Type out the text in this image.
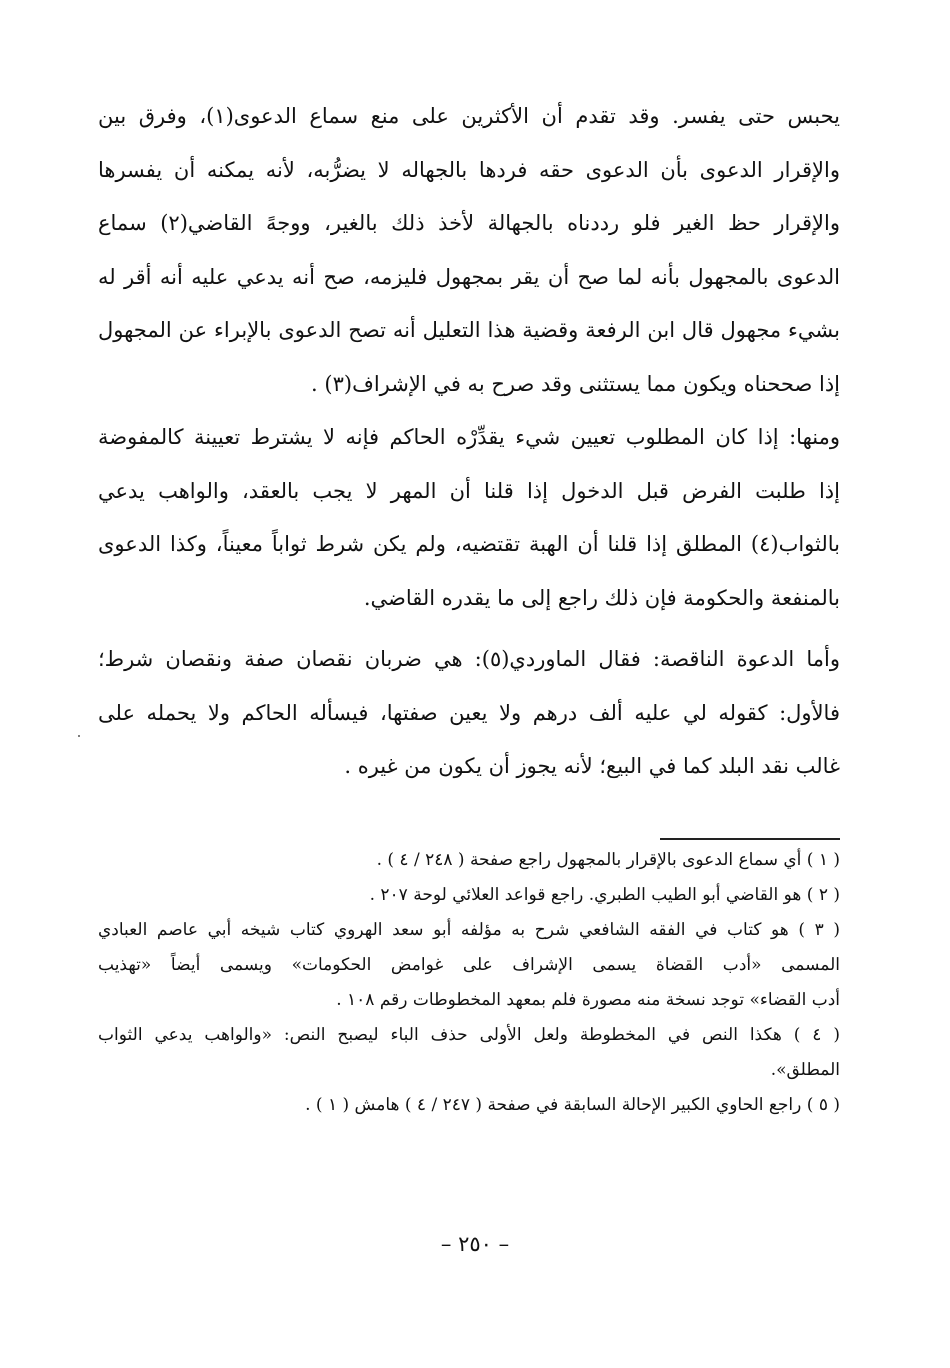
يحبس حتى يفسر. وقد تقدم أن الأكثرين على منع سماع الدعوى(١)، وفرق بين
والإقرار الدعوى بأن الدعوى حقه فردها بالجهاله لا يضرُّبه، لأنه يمكنه أن يفسرها
والإقرار حظ الغير فلو رددناه بالجهالة لأخذ ذلك بالغير، ووجهً القاضي(٢) سماع
الدعوى بالمجهول بأنه لما صح أن يقر بمجهول فليزمه، صح أنه يدعي عليه أنه أقر له
بشيء مجهول قال ابن الرفعة وقضية هذا التعليل أنه تصح الدعوى بالإبراء عن المجهول
إذا صححناه ويكون مما يستثنى وقد صرح به في الإشراف(٣) .
ومنها: إذا كان المطلوب تعيين شيء يقدِّرْه الحاكم فإنه لا يشترط تعيينة كالمفوضة
إذا طلبت الفرض قبل الدخول إذا قلنا أن المهر لا يجب بالعقد، والواهب يدعي
بالثواب(٤) المطلق إذا قلنا أن الهبة تقتضيه، ولم يكن شرط ثواباً معيناً، وكذا الدعوى
بالمنفعة والحكومة فإن ذلك راجع إلى ما يقدره القاضي.
وأما الدعوة الناقصة: فقال الماوردي(٥): هي ضربان نقصان صفة ونقصان شرط؛
فالأول: كقوله لي عليه ألف درهم ولا يعين صفتها، فيسأله الحاكم ولا يحمله على
غالب نقد البلد كما في البيع؛ لأنه يجوز أن يكون من غيره .
( ١ ) أي سماع الدعوى بالإقرار بالمجهول راجع صفحة ( ٢٤٨ / ٤ ) .
( ٢ ) هو القاضي أبو الطيب الطبري. راجع قواعد العلائي لوحة ٢٠٧ .
( ٣ ) هو كتاب في الفقه الشافعي شرح به مؤلفه أبو سعد الهروي كتاب شيخه أبي عاصم العبادي
المسمى «أدب القضاة يسمى الإشراف على غوامض الحكومات» ويسمى أيضاً «تهذيب
أدب القضاء» توجد نسخة منه مصورة فلم بمعهد المخطوطات رقم ١٠٨ .
( ٤ ) هكذا النص في المخطوطة ولعل الأولى حذف الباء ليصبح النص: «والواهب يدعي الثواب
المطلق».
( ٥ ) راجع الحاوي الكبير الإحالة السابقة في صفحة ( ٢٤٧ / ٤ ) هامش ( ١ ) .
– ٢٥٠ –
